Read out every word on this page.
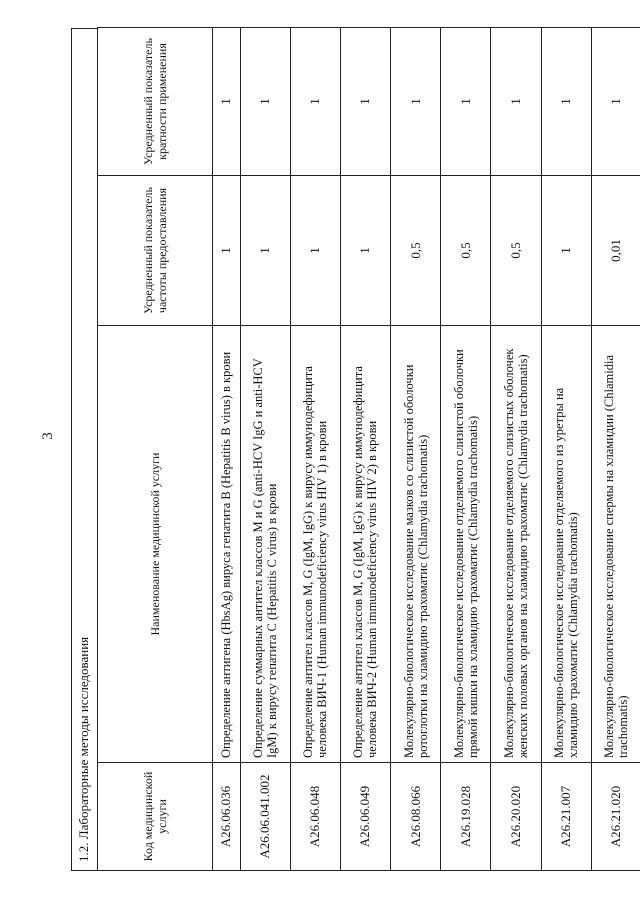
3
1.2. Лабораторные методы исследования	Код медицинской услуги	Наименование медицинской услуги	Усредненный показатель частоты предоставления	Усредненный показатель кратности применения
A26.06.036	Определение антигена (HbsAg) вируса гепатита В (Hepatitis B virus) в крови	1	1
A26.06.041.002	Определение суммарных антител классов M и G (anti-HCV IgG и anti-HCV IgM) к вирусу гепатита С (Hepatitis C virus) в крови	1	1
A26.06.048	Определение антител классов M, G (IgM, IgG) к вирусу иммунодефицита человека ВИЧ-1 (Human immunodeficiency virus HIV 1) в крови	1	1
A26.06.049	Определение антител классов M, G (IgM, IgG) к вирусу иммунодефицита человека ВИЧ-2 (Human immunodeficiency virus HIV 2) в крови	1	1
A26.08.066	Молекулярно-биологическое исследование мазков со слизистой оболочки ротоглотки на хламидию трахоматис (Chlamydia trachomatis)	0,5	1
A26.19.028	Молекулярно-биологическое исследование отделяемого слизистой оболочки прямой кишки на хламидию трахоматис (Chlamydia trachomatis)	0,5	1
A26.20.020	Молекулярно-биологическое исследование отделяемого слизистых оболочек женских половых органов на хламидию трахоматис (Chlamydia trachomatis)	0,5	1
A26.21.007	Молекулярно-биологическое исследование отделяемого из уретры на хламидию трахоматис (Chlamydia trachomatis)	1	1
A26.21.020	Молекулярно-биологическое исследование спермы на хламидии (Chlamidia trachomatis)	0,01	1
